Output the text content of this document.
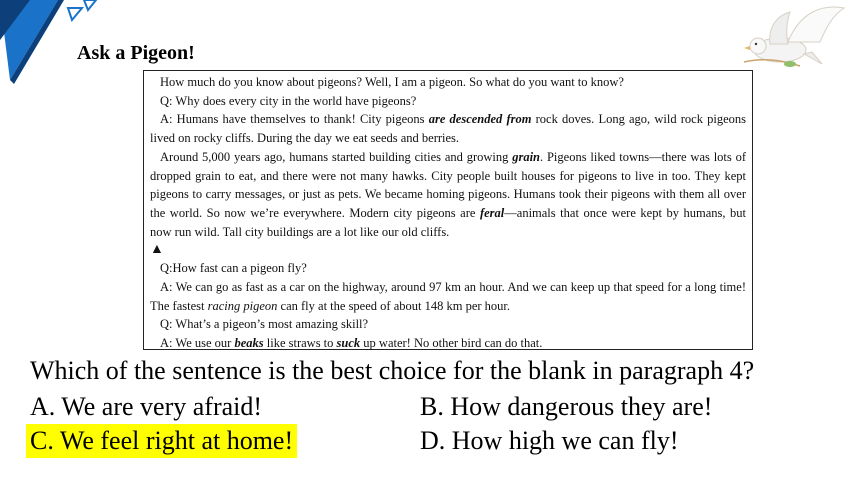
Ask a Pigeon!

How much do you know about pigeons? Well, I am a pigeon. So what do you want to know?

Q: Why does every city in the world have pigeons?

A: Humans have themselves to thank! City pigeons are descended from rock doves. Long ago, wild rock pigeons lived on rocky cliffs. During the day we eat seeds and berries.

Around 5,000 years ago, humans started building cities and growing grain. Pigeons liked towns—there was lots of dropped grain to eat, and there were not many hawks. City people built houses for pigeons to live in too. They kept pigeons to carry messages, or just as pets. We became homing pigeons. Humans took their pigeons with them all over the world. So now we’re everywhere. Modern city pigeons are feral—animals that once were kept by humans, but now run wild. Tall city buildings are a lot like our old cliffs.

▲

Q:How fast can a pigeon fly?

A: We can go as fast as a car on the highway, around 97 km an hour. And we can keep up that speed for a long time! The fastest racing pigeon can fly at the speed of about 148 km per hour.

Q: What’s a pigeon’s most amazing skill?

A: We use our beaks like straws to suck up water! No other bird can do that.

Which of the sentence is the best choice for the blank in paragraph 4?
A. We are very afraid!	B. How dangerous they are!
C. We feel right at home!	D. How high we can fly!
